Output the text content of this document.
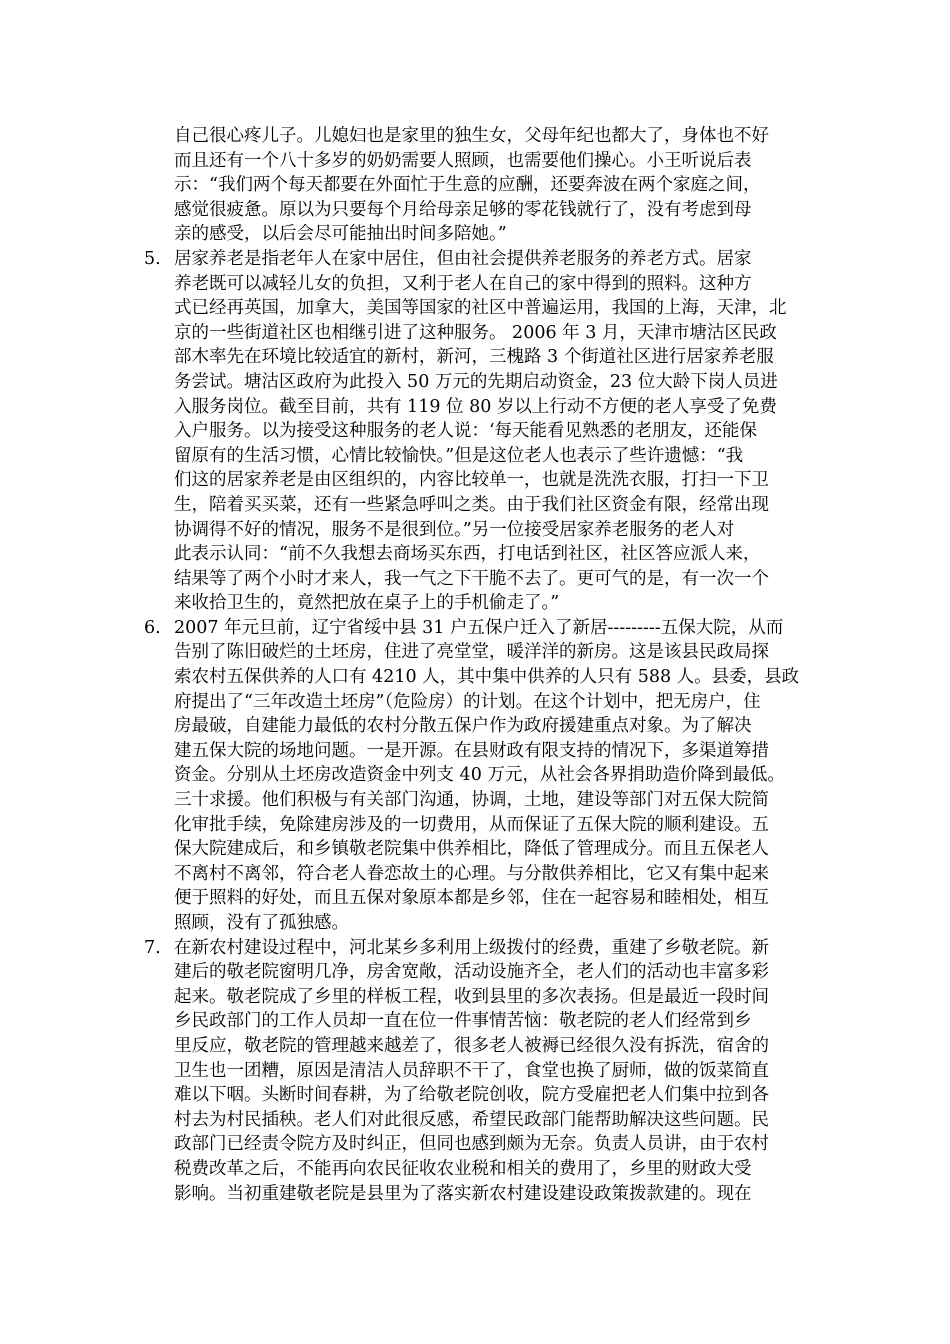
自己很心疼儿子。儿媳妇也是家里的独生女，父母年纪也都大了，身体也不好
而且还有一个八十多岁的奶奶需要人照顾，也需要他们操心。小王听说后表
示：“我们两个每天都要在外面忙于生意的应酬，还要奔波在两个家庭之间，
感觉很疲惫。原以为只要每个月给母亲足够的零花钱就行了，没有考虑到母
亲的感受，以后会尽可能抽出时间多陪她。”
5. 居家养老是指老年人在家中居住，但由社会提供养老服务的养老方式。居家
养老既可以减轻儿女的负担，又利于老人在自己的家中得到的照料。这种方
式已经再英国，加拿大，美国等国家的社区中普遍运用，我国的上海，天津，北
京的一些街道社区也相继引进了这种服务。 2006 年 3 月，天津市塘沽区民政
部木率先在环境比较适宜的新村，新河，三槐路 3 个街道社区进行居家养老服
务尝试。塘沽区政府为此投入 50 万元的先期启动资金，23 位大龄下岗人员进
入服务岗位。截至目前，共有 119 位 80 岁以上行动不方便的老人享受了免费
入户服务。以为接受这种服务的老人说：‘每天能看见熟悉的老朋友，还能保
留原有的生活习惯，心情比较愉快。”但是这位老人也表示了些许遗憾：“我
们这的居家养老是由区组织的，内容比较单一，也就是洗洗衣服，打扫一下卫
生，陪着买买菜，还有一些紧急呼叫之类。由于我们社区资金有限，经常出现
协调得不好的情况，服务不是很到位。”另一位接受居家养老服务的老人对
此表示认同：“前不久我想去商场买东西，打电话到社区，社区答应派人来，
结果等了两个小时才来人，我一气之下干脆不去了。更可气的是，有一次一个
来收拾卫生的，竟然把放在桌子上的手机偷走了。”
6. 2007 年元旦前，辽宁省绥中县 31 户五保户迁入了新居---------五保大院，从而
告别了陈旧破烂的土坯房，住进了亮堂堂，暖洋洋的新房。这是该县民政局探
索农村五保供养的人口有 4210 人，其中集中供养的人只有 588 人。县委，县政
府提出了“三年改造土坯房”（危险房）的计划。在这个计划中，把无房户，住
房最破，自建能力最低的农村分散五保户作为政府援建重点对象。为了解决
建五保大院的场地问题。一是开源。在县财政有限支持的情况下，多渠道筹措
资金。分别从土坯房改造资金中列支 40 万元，从社会各界捐助造价降到最低。
三十求援。他们积极与有关部门沟通，协调，土地，建设等部门对五保大院简
化审批手续，免除建房涉及的一切费用，从而保证了五保大院的顺利建设。五
保大院建成后，和乡镇敬老院集中供养相比，降低了管理成分。而且五保老人
不离村不离邻，符合老人眷恋故土的心理。与分散供养相比，它又有集中起来
便于照料的好处，而且五保对象原本都是乡邻，住在一起容易和睦相处，相互
照顾，没有了孤独感。
7. 在新农村建设过程中，河北某乡多利用上级拨付的经费，重建了乡敬老院。新
建后的敬老院窗明几净，房舍宽敞，活动设施齐全，老人们的活动也丰富多彩
起来。敬老院成了乡里的样板工程，收到县里的多次表扬。但是最近一段时间
乡民政部门的工作人员却一直在位一件事情苦恼：敬老院的老人们经常到乡
里反应，敬老院的管理越来越差了，很多老人被褥已经很久没有拆洗，宿舍的
卫生也一团糟，原因是清洁人员辞职不干了，食堂也换了厨师，做的饭菜简直
难以下咽。头断时间春耕，为了给敬老院创收，院方受雇把老人们集中拉到各
村去为村民插秧。老人们对此很反感，希望民政部门能帮助解决这些问题。民
政部门已经责令院方及时纠正，但同也感到颇为无奈。负责人员讲，由于农村
税费改革之后，不能再向农民征收农业税和相关的费用了，乡里的财政大受
影响。当初重建敬老院是县里为了落实新农村建设建设政策拨款建的。现在
